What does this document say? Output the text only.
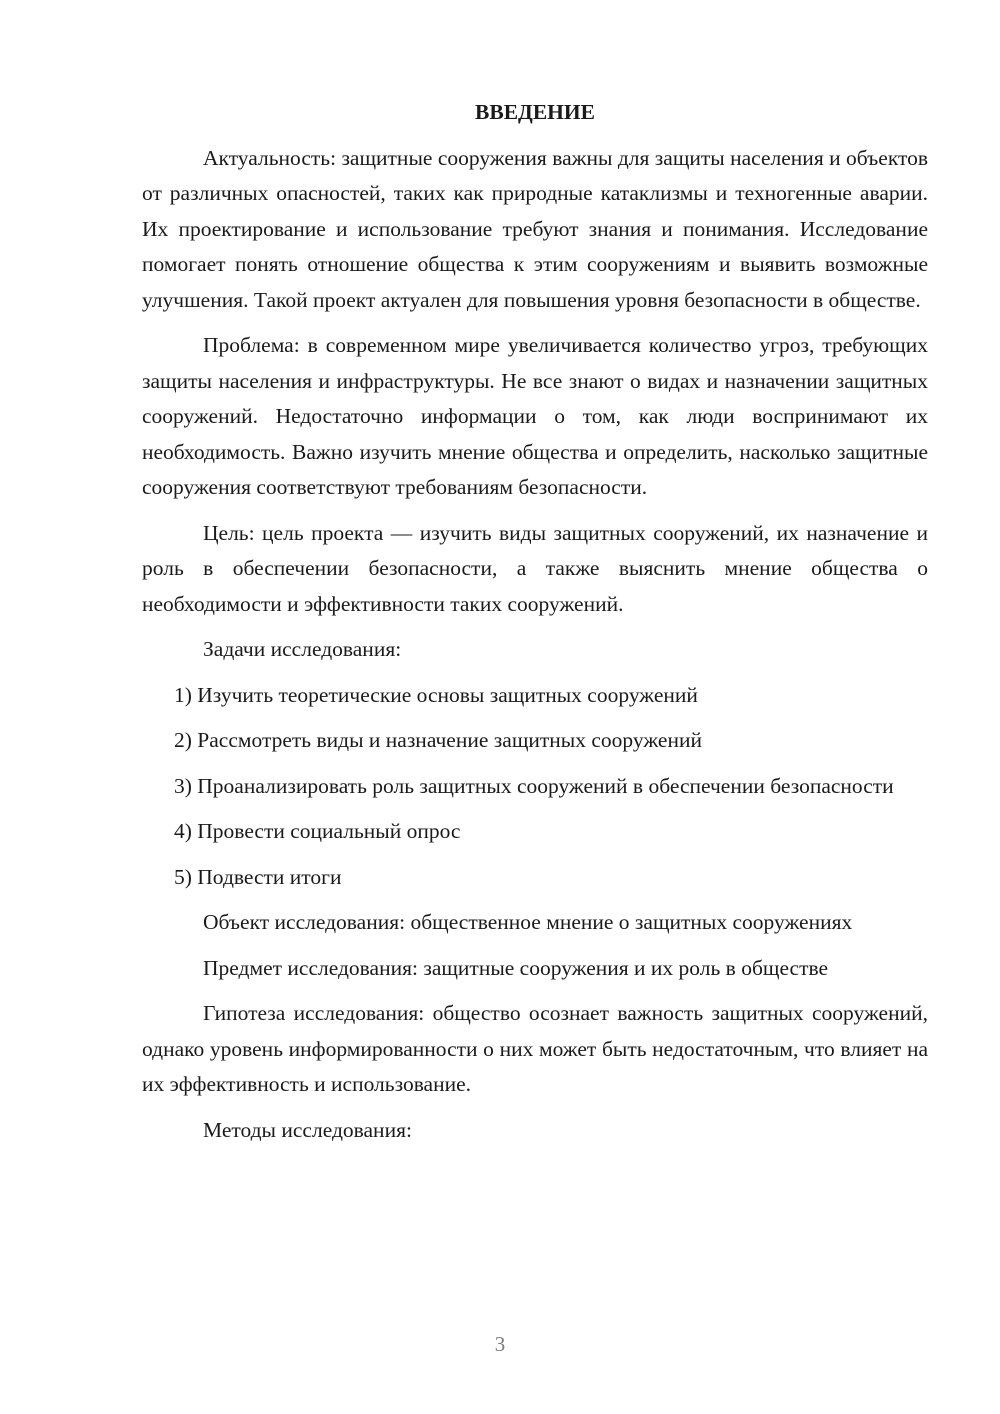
ВВЕДЕНИЕ

Актуальность: защитные сооружения важны для защиты населения и объектов от различных опасностей, таких как природные катаклизмы и техногенные аварии. Их проектирование и использование требуют знания и понимания. Исследование помогает понять отношение общества к этим сооружениям и выявить возможные улучшения. Такой проект актуален для повышения уровня безопасности в обществе.

Проблема: в современном мире увеличивается количество угроз, требующих защиты населения и инфраструктуры. Не все знают о видах и назначении защитных сооружений. Недостаточно информации о том, как люди воспринимают их необходимость. Важно изучить мнение общества и определить, насколько защитные сооружения соответствуют требованиям безопасности.

Цель: цель проекта — изучить виды защитных сооружений, их назначение и роль в обеспечении безопасности, а также выяснить мнение общества о необходимости и эффективности таких сооружений.

Задачи исследования:

1) Изучить теоретические основы защитных сооружений

2) Рассмотреть виды и назначение защитных сооружений

3) Проанализировать роль защитных сооружений в обеспечении безопасности

4) Провести социальный опрос

5) Подвести итоги

Объект исследования: общественное мнение о защитных сооружениях

Предмет исследования: защитные сооружения и их роль в обществе

Гипотеза исследования: общество осознает важность защитных сооружений, однако уровень информированности о них может быть недостаточным, что влияет на их эффективность и использование.

Методы исследования:

3
